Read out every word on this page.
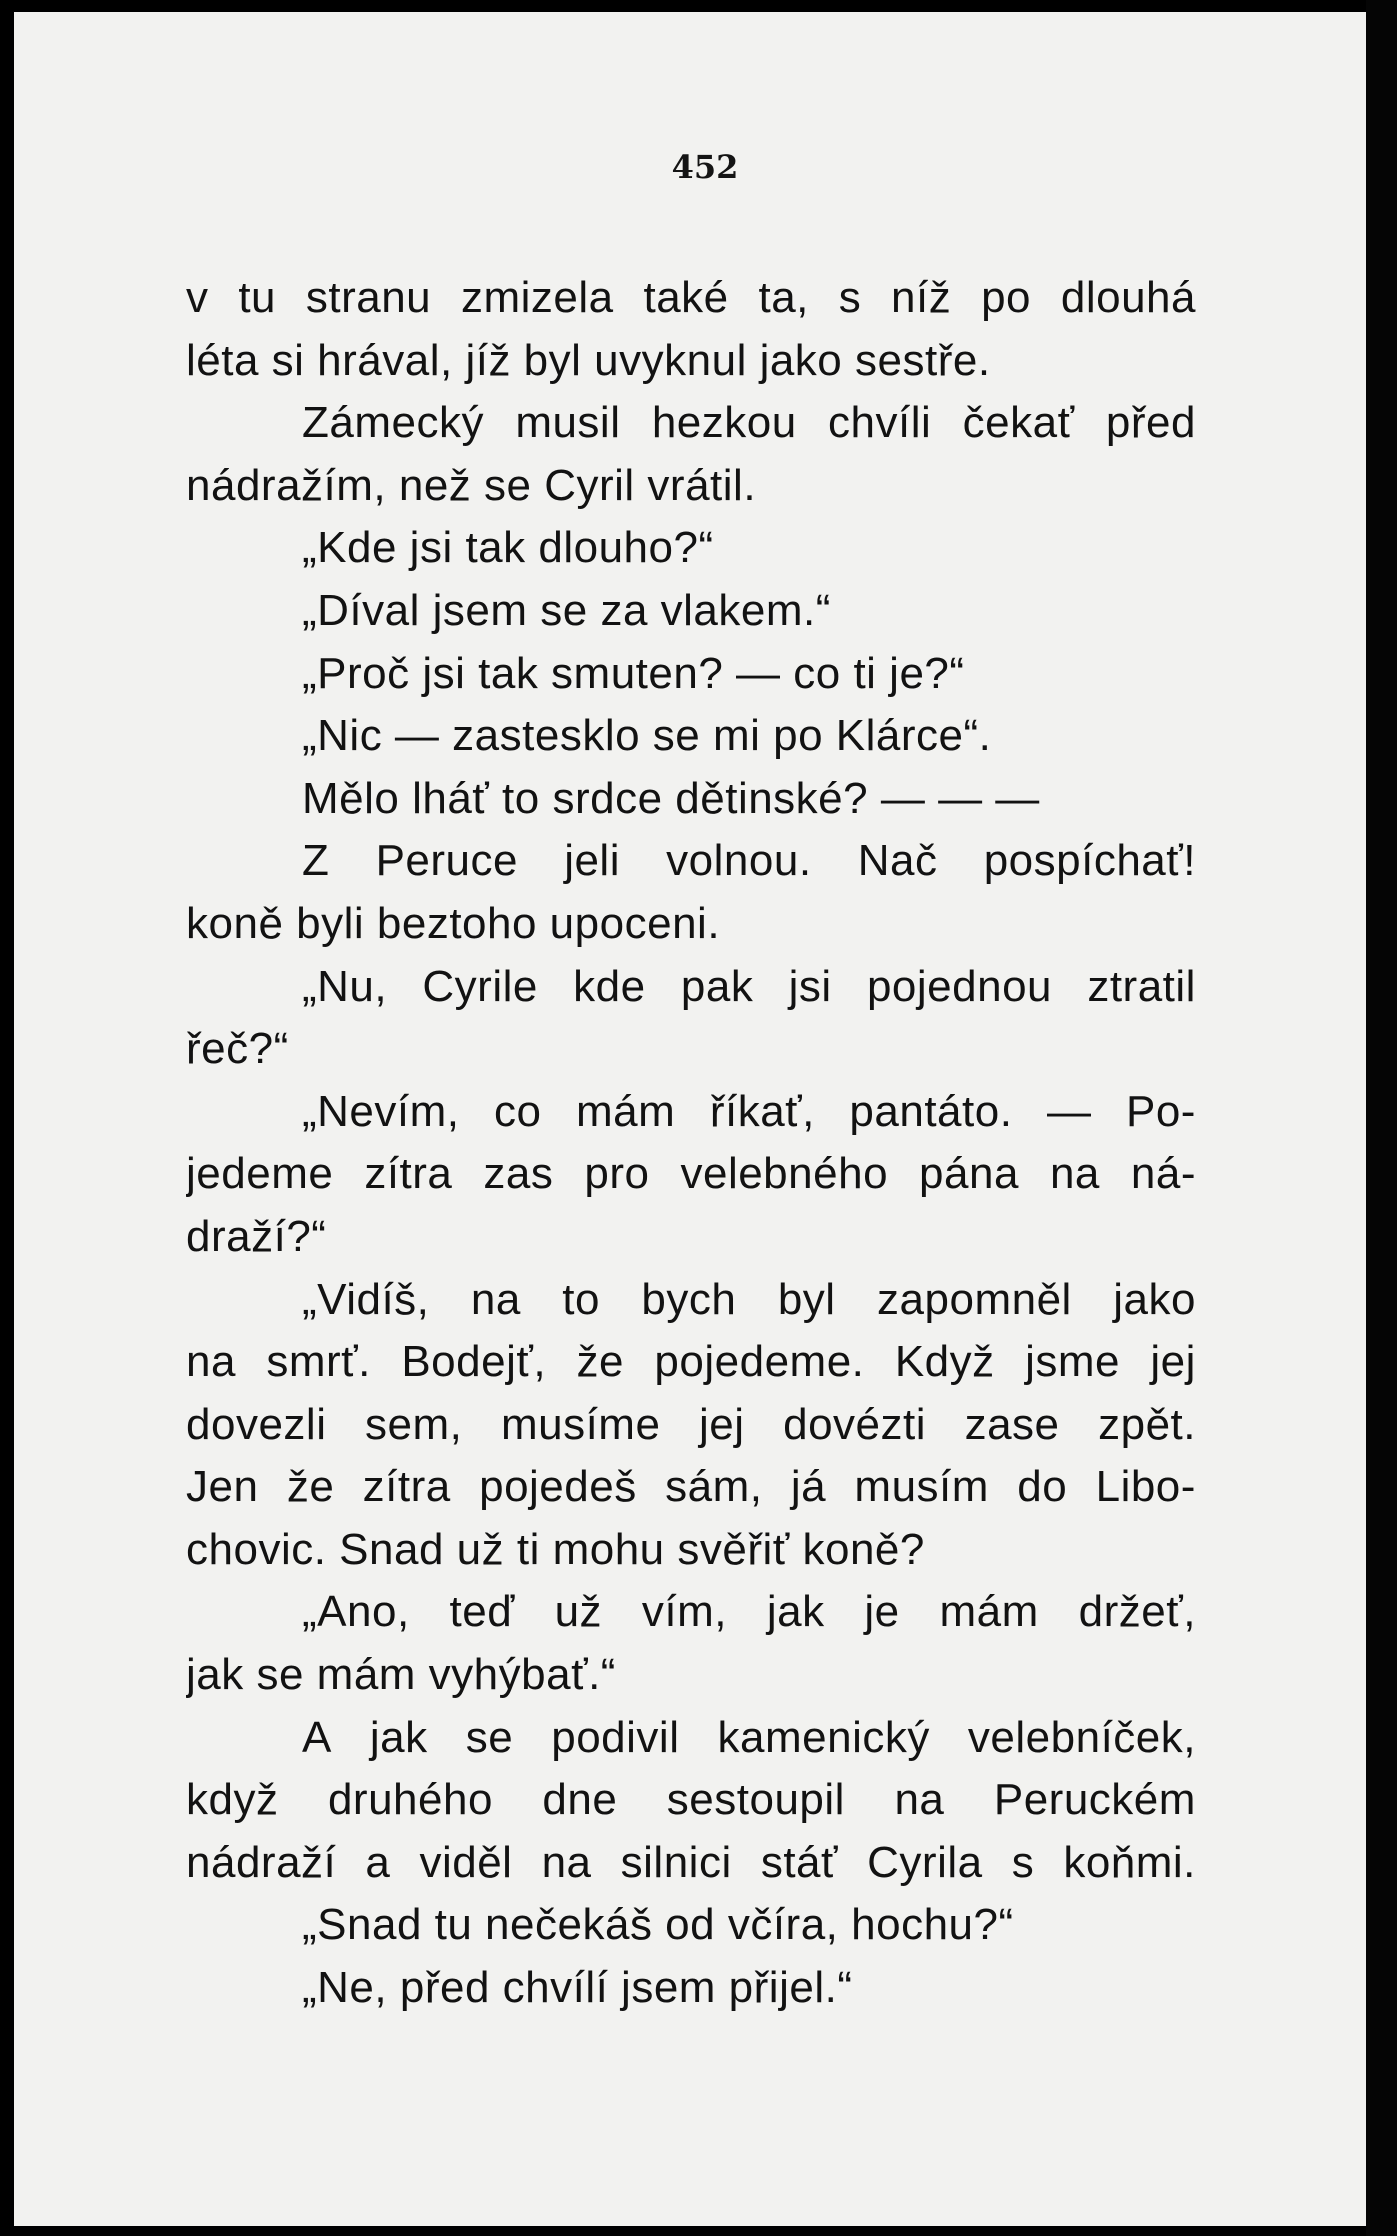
452

v tu stranu zmizela také ta, s níž po dlouhá
léta si hrával, jíž byl uvyknul jako sestře.
Zámecký musil hezkou chvíli čekať před
nádražím, než se Cyril vrátil.
„Kde jsi tak dlouho?“
„Díval jsem se za vlakem.“
„Proč jsi tak smuten? — co ti je?“
„Nic — zastesklo se mi po Klárce“.
Mělo lháť to srdce dětinské? — — —
Z Peruce jeli volnou. Nač pospíchať!
koně byli beztoho upoceni.
„Nu, Cyrile kde pak jsi pojednou ztratil
řeč?“
„Nevím, co mám říkať, pantáto. — Po-
jedeme zítra zas pro velebného pána na ná-
draží?“
„Vidíš, na to bych byl zapomněl jako
na smrť. Bodejť, že pojedeme. Když jsme jej
dovezli sem, musíme jej dovézti zase zpět.
Jen že zítra pojedeš sám, já musím do Libo-
chovic. Snad už ti mohu svěřiť koně?
„Ano, teď už vím, jak je mám držeť,
jak se mám vyhýbať.“
A jak se podivil kamenický velebníček,
když druhého dne sestoupil na Peruckém
nádraží a viděl na silnici stáť Cyrila s koňmi.
„Snad tu nečekáš od včíra, hochu?“
„Ne, před chvílí jsem přijel.“
